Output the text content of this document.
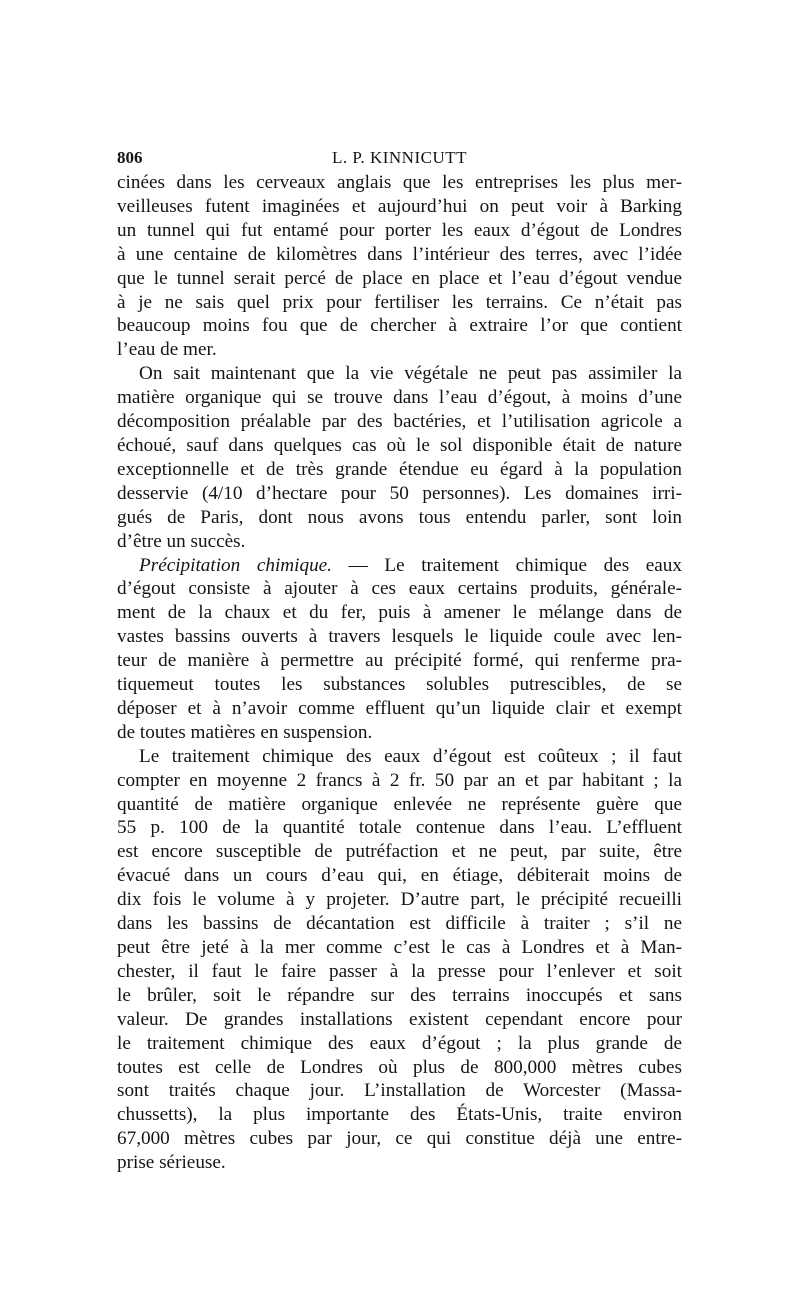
806	L. P. KINNICUTT
cinées dans les cerveaux anglais que les entreprises les plus mer-
veilleuses futent imaginées et aujourd’hui on peut voir à Barking
un tunnel qui fut entamé pour porter les eaux d’égout de Londres
à une centaine de kilomètres dans l’intérieur des terres, avec l’idée
que le tunnel serait percé de place en place et l’eau d’égout vendue
à je ne sais quel prix pour fertiliser les terrains. Ce n’était pas
beaucoup moins fou que de chercher à extraire l’or que contient
l’eau de mer.
On sait maintenant que la vie végétale ne peut pas assimiler la
matière organique qui se trouve dans l’eau d’égout, à moins d’une
décomposition préalable par des bactéries, et l’utilisation agricole a
échoué, sauf dans quelques cas où le sol disponible était de nature
exceptionnelle et de très grande étendue eu égard à la population
desservie (4/10 d’hectare pour 50 personnes). Les domaines irri-
gués de Paris, dont nous avons tous entendu parler, sont loin
d’être un succès.
Précipitation chimique. — Le traitement chimique des eaux
d’égout consiste à ajouter à ces eaux certains produits, générale-
ment de la chaux et du fer, puis à amener le mélange dans de
vastes bassins ouverts à travers lesquels le liquide coule avec len-
teur de manière à permettre au précipité formé, qui renferme pra-
tiquemeut toutes les substances solubles putrescibles, de se
déposer et à n’avoir comme effluent qu’un liquide clair et exempt
de toutes matières en suspension.
Le traitement chimique des eaux d’égout est coûteux ; il faut
compter en moyenne 2 francs à 2 fr. 50 par an et par habitant ; la
quantité de matière organique enlevée ne représente guère que
55 p. 100 de la quantité totale contenue dans l’eau. L’effluent
est encore susceptible de putréfaction et ne peut, par suite, être
évacué dans un cours d’eau qui, en étiage, débiterait moins de
dix fois le volume à y projeter. D’autre part, le précipité recueilli
dans les bassins de décantation est difficile à traiter ; s’il ne
peut être jeté à la mer comme c’est le cas à Londres et à Man-
chester, il faut le faire passer à la presse pour l’enlever et soit
le brûler, soit le répandre sur des terrains inoccupés et sans
valeur. De grandes installations existent cependant encore pour
le traitement chimique des eaux d’égout ; la plus grande de
toutes est celle de Londres où plus de 800,000 mètres cubes
sont traités chaque jour. L’installation de Worcester (Massa-
chussetts), la plus importante des États-Unis, traite environ
67,000 mètres cubes par jour, ce qui constitue déjà une entre-
prise sérieuse.
